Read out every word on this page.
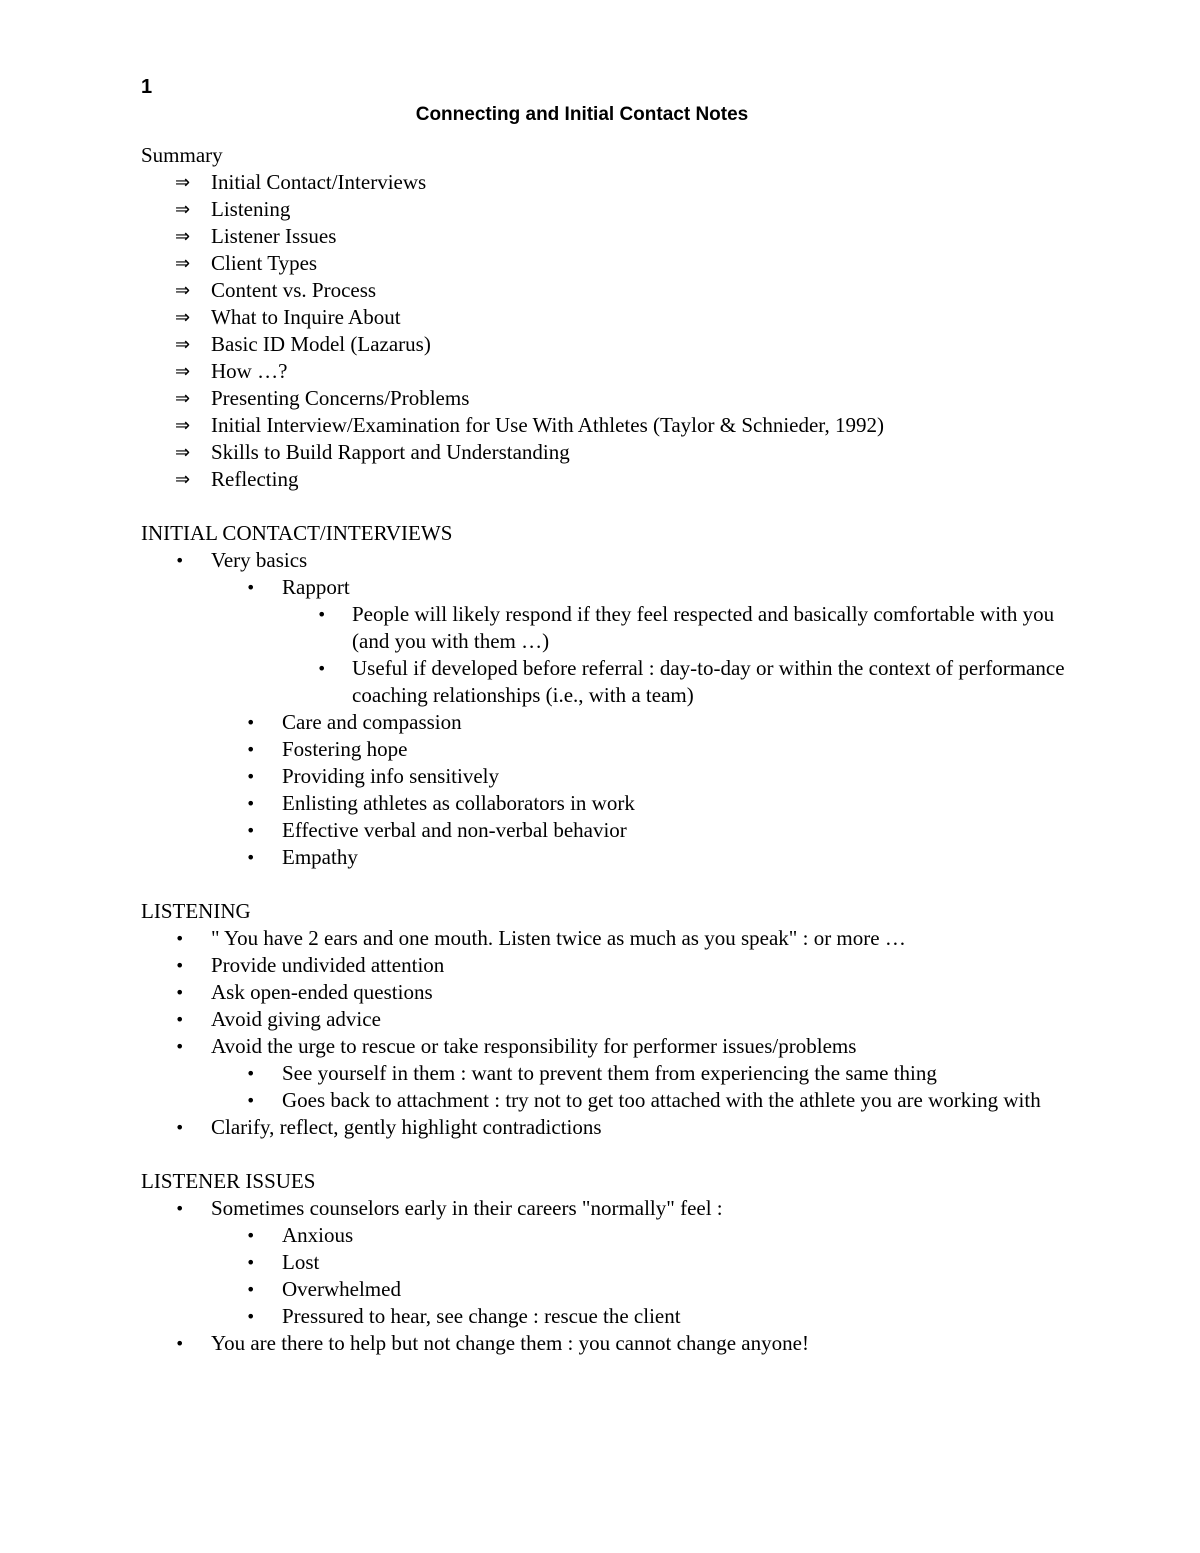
1
Connecting and Initial Contact Notes
Summary
⇒ Initial Contact/Interviews
⇒ Listening
⇒ Listener Issues
⇒ Client Types
⇒ Content vs. Process
⇒ What to Inquire About
⇒ Basic ID Model (Lazarus)
⇒ How …?
⇒ Presenting Concerns/Problems
⇒ Initial Interview/Examination for Use With Athletes (Taylor & Schnieder, 1992)
⇒ Skills to Build Rapport and Understanding
⇒ Reflecting
INITIAL CONTACT/INTERVIEWS
• Very basics
• Rapport
• People will likely respond if they feel respected and basically comfortable with you (and you with them …)
• Useful if developed before referral : day-to-day or within the context of performance coaching relationships (i.e., with a team)
• Care and compassion
• Fostering hope
• Providing info sensitively
• Enlisting athletes as collaborators in work
• Effective verbal and non-verbal behavior
• Empathy
LISTENING
• " You have 2 ears and one mouth. Listen twice as much as you speak" : or more …
• Provide undivided attention
• Ask open-ended questions
• Avoid giving advice
• Avoid the urge to rescue or take responsibility for performer issues/problems
• See yourself in them : want to prevent them from experiencing the same thing
• Goes back to attachment : try not to get too attached with the athlete you are working with
• Clarify, reflect, gently highlight contradictions
LISTENER ISSUES
• Sometimes counselors early in their careers "normally" feel :
• Anxious
• Lost
• Overwhelmed
• Pressured to hear, see change : rescue the client
• You are there to help but not change them : you cannot change anyone!
